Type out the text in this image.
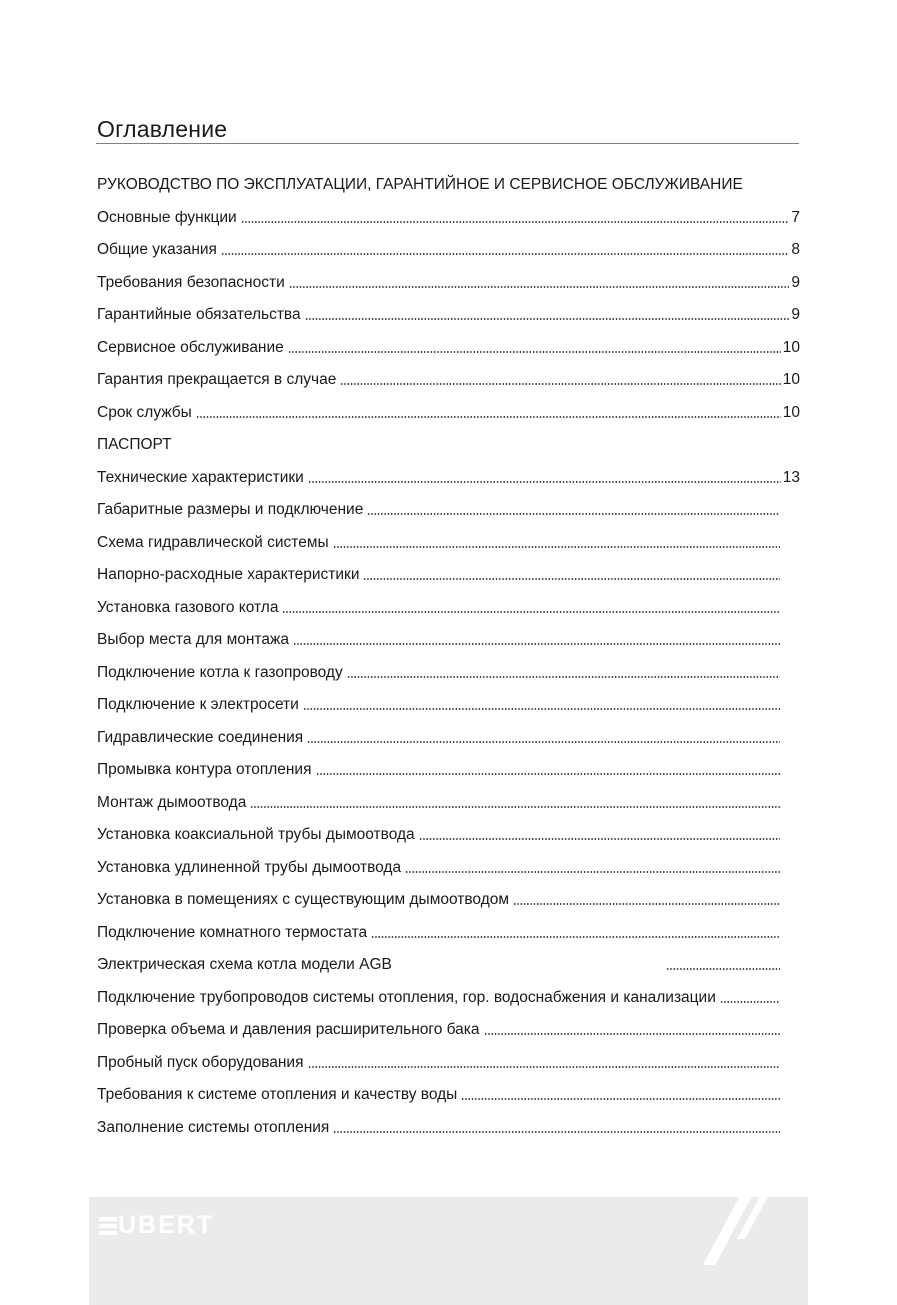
Оглавление
РУКОВОДСТВО ПО ЭКСПЛУАТАЦИИ, ГАРАНТИЙНОЕ И СЕРВИСНОЕ ОБСЛУЖИВАНИЕ
Основные функции	7
Общие указания	8
Требования безопасности	9
Гарантийные обязательства	9
Сервисное обслуживание	10
Гарантия прекращается в случае	10
Срок службы	10
ПАСПОРТ
Технические характеристики	13
Габаритные размеры и подключение
Схема гидравлической системы
Напорно-расходные характеристики
Установка газового котла
Выбор места для монтажа
Подключение котла к газопроводу
Подключение к электросети
Гидравлические соединения
Промывка контура отопления
Монтаж дымоотвода
Установка коаксиальной трубы дымоотвода
Установка удлиненной трубы дымоотвода
Установка в помещениях с существующим дымоотводом
Подключение комнатного термостата
Электрическая схема котла модели AGB
Подключение трубопроводов системы отопления, гор. водоснабжения и канализации
Проверка объема и давления расширительного бака
Пробный пуск оборудования
Требования к системе отопления и качеству воды
Заполнение системы отопления
UBERT
